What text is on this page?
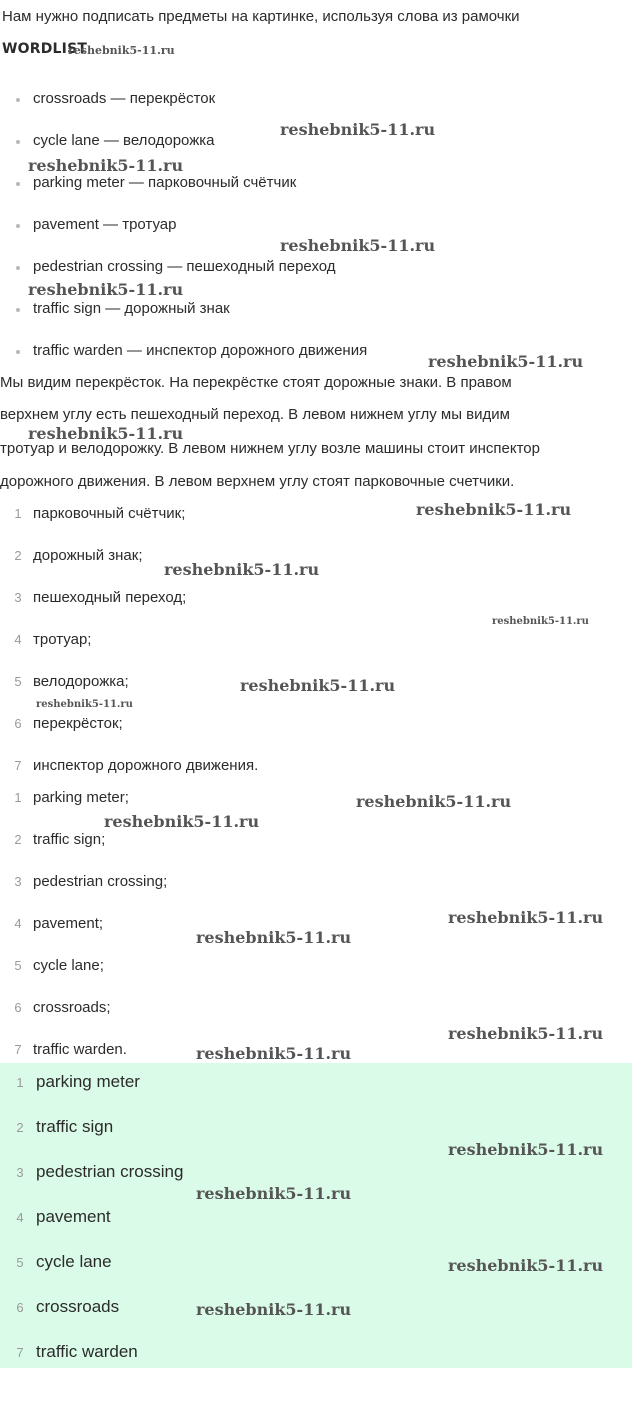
Нам нужно подписать предметы на картинке, используя слова из рамочки
WORDLIST
crossroads — перекрёсток
cycle lane — велодорожка
parking meter — парковочный счётчик
pavement — тротуар
pedestrian crossing — пешеходный переход
traffic sign — дорожный знак
traffic warden — инспектор дорожного движения
Мы видим перекрёсток. На перекрёстке стоят дорожные знаки. В правом
верхнем углу есть пешеходный переход. В левом нижнем углу мы видим
тротуар и велодорожку. В левом нижнем углу возле машины стоит инспектор
дорожного движения. В левом верхнем углу стоят парковочные счетчики.
1 парковочный счётчик;
2 дорожный знак;
3 пешеходный переход;
4 тротуар;
5 велодорожка;
6 перекрёсток;
7 инспектор дорожного движения.
1 parking meter;
2 traffic sign;
3 pedestrian crossing;
4 pavement;
5 cycle lane;
6 crossroads;
7 traffic warden.
1 parking meter
2 traffic sign
3 pedestrian crossing
4 pavement
5 cycle lane
6 crossroads
7 traffic warden
reshebnik5-11.ru
reshebnik5-11.ru
reshebnik5-11.ru
reshebnik5-11.ru
reshebnik5-11.ru
reshebnik5-11.ru
reshebnik5-11.ru
reshebnik5-11.ru
reshebnik5-11.ru
reshebnik5-11.ru
reshebnik5-11.ru
reshebnik5-11.ru
reshebnik5-11.ru
reshebnik5-11.ru
reshebnik5-11.ru
reshebnik5-11.ru
reshebnik5-11.ru
reshebnik5-11.ru
reshebnik5-11.ru
reshebnik5-11.ru
reshebnik5-11.ru
reshebnik5-11.ru
